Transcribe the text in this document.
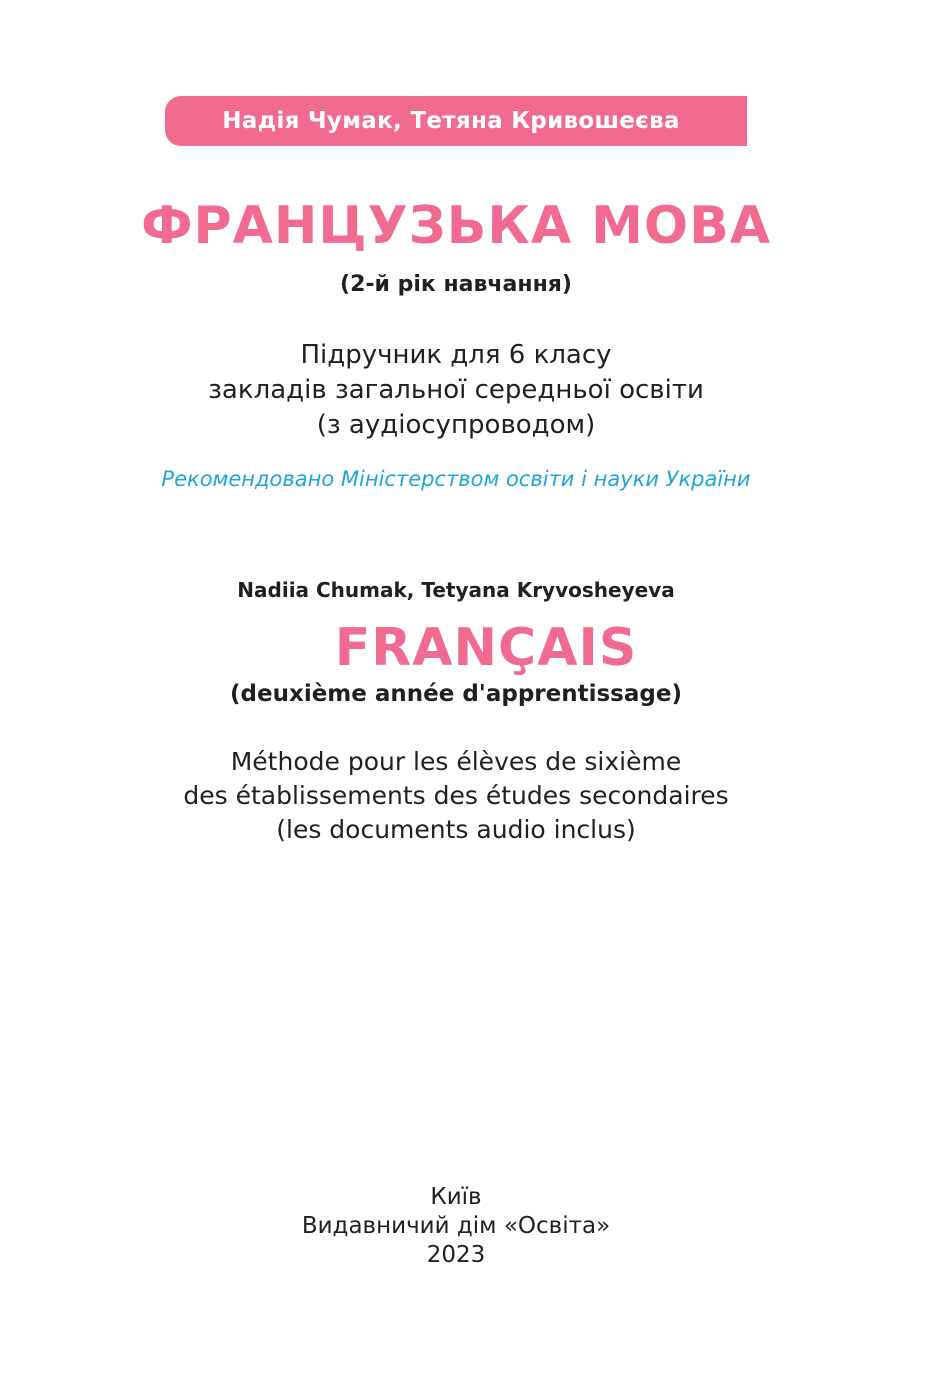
Надія Чумак, Тетяна Кривошеєва
ФРАНЦУЗЬКА МОВА
(2-й рік навчання)
Підручник для 6 класу
закладів загальної середньої освіти
(з аудіосупроводом)
Рекомендовано Міністерством освіти і науки України
Nadiia Chumak, Tetyana Kryvosheyeva
FRANÇAIS
(deuxième année d'apprentissage)
Méthode pour les élèves de sixième
des établissements des études secondaires
(les documents audio inclus)
Київ
Видавничий дім «Освіта»
2023
